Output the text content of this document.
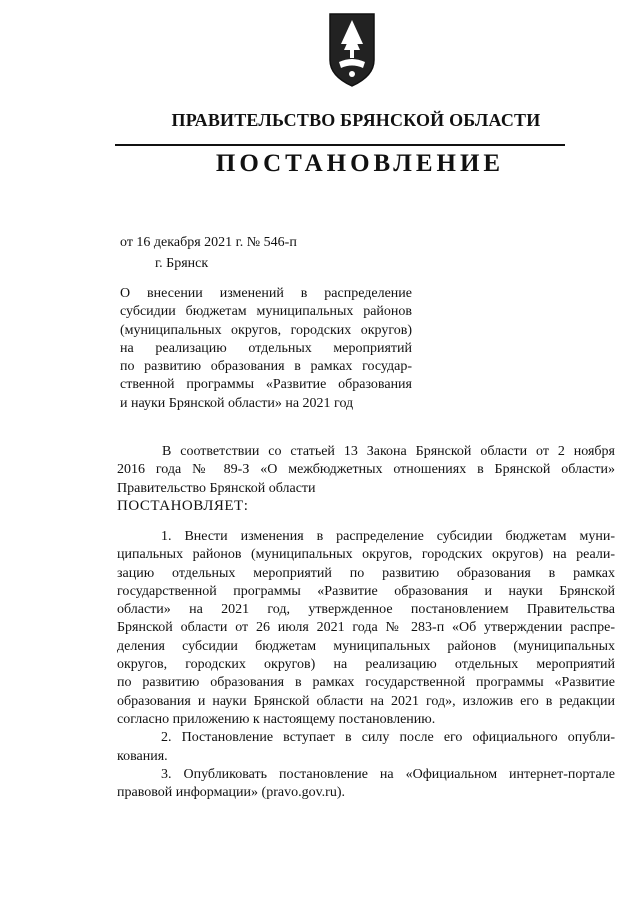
ПРАВИТЕЛЬСТВО БРЯНСКОЙ ОБЛАСТИ
ПОСТАНОВЛЕНИЕ
от 16 декабря 2021 г. № 546-п
г. Брянск
О внесении изменений в распределение
субсидии бюджетам муниципальных районов
(муниципальных округов, городских округов)
на реализацию отдельных мероприятий
по развитию образования в рамках государ-
ственной программы «Развитие образования
и науки Брянской области» на 2021 год
В соответствии со статьей 13 Закона Брянской области от 2 ноября
2016 года № 89-З «О межбюджетных отношениях в Брянской области»
Правительство Брянской области
ПОСТАНОВЛЯЕТ:
1. Внести изменения в распределение субсидии бюджетам муни-
ципальных районов (муниципальных округов, городских округов) на реали-
зацию отдельных мероприятий по развитию образования в рамках
государственной программы «Развитие образования и науки Брянской
области» на 2021 год, утвержденное постановлением Правительства
Брянской области от 26 июля 2021 года № 283-п «Об утверждении распре-
деления субсидии бюджетам муниципальных районов (муниципальных
округов, городских округов) на реализацию отдельных мероприятий
по развитию образования в рамках государственной программы «Развитие
образования и науки Брянской области на 2021 год», изложив его в редакции
согласно приложению к настоящему постановлению.
2. Постановление вступает в силу после его официального опубли-
кования.
3. Опубликовать постановление на «Официальном интернет-портале
правовой информации» (pravo.gov.ru).
